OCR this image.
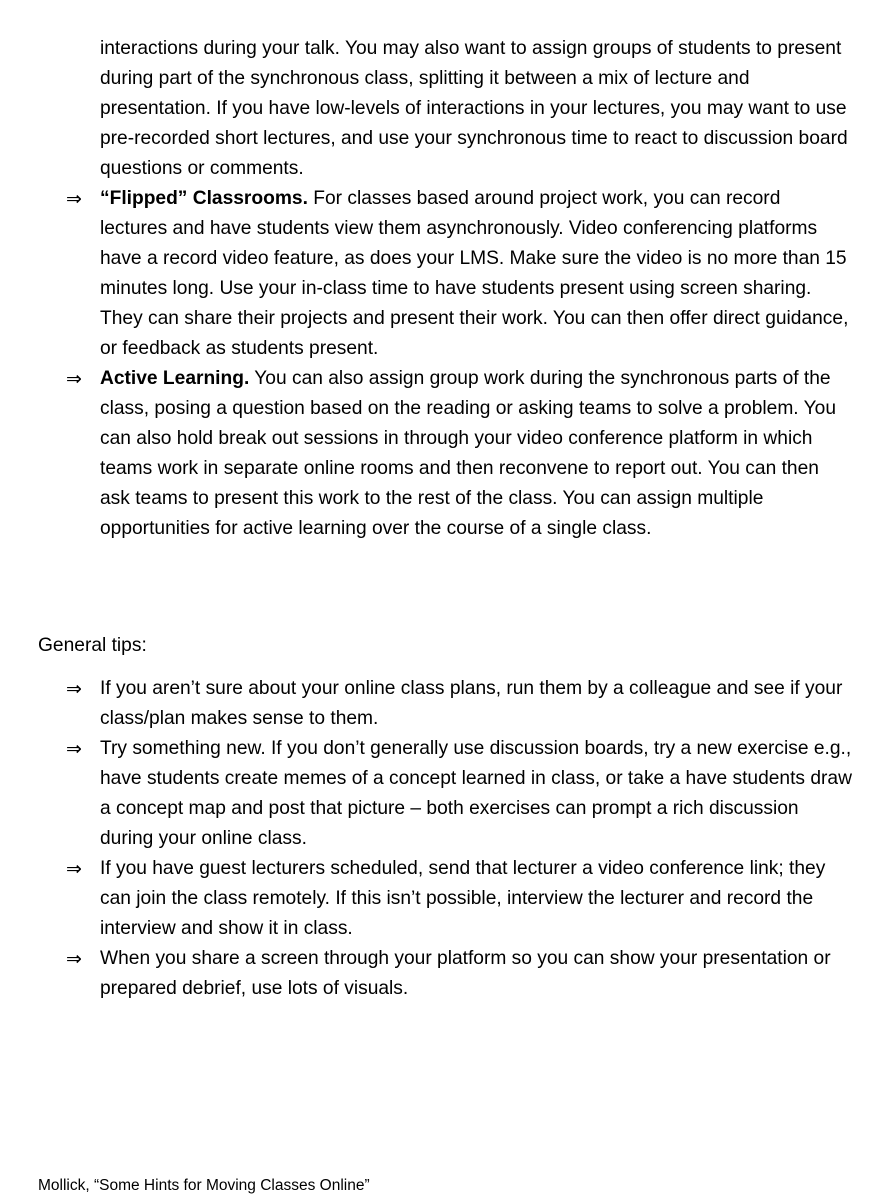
interactions during your talk. You may also want to assign groups of students to present during part of the synchronous class, splitting it between a mix of lecture and presentation. If you have low-levels of interactions in your lectures, you may want to use pre-recorded short lectures, and use your synchronous time to react to discussion board questions or comments.
⇒ “Flipped” Classrooms. For classes based around project work, you can record lectures and have students view them asynchronously. Video conferencing platforms have a record video feature, as does your LMS. Make sure the video is no more than 15 minutes long. Use your in-class time to have students present using screen sharing. They can share their projects and present their work. You can then offer direct guidance, or feedback as students present.
⇒ Active Learning. You can also assign group work during the synchronous parts of the class, posing a question based on the reading or asking teams to solve a problem. You can also hold break out sessions in through your video conference platform in which teams work in separate online rooms and then reconvene to report out. You can then ask teams to present this work to the rest of the class. You can assign multiple opportunities for active learning over the course of a single class.
General tips:
⇒ If you aren’t sure about your online class plans, run them by a colleague and see if your class/plan makes sense to them.
⇒ Try something new. If you don’t generally use discussion boards, try a new exercise e.g., have students create memes of a concept learned in class, or take a have students draw a concept map and post that picture – both exercises can prompt a rich discussion during your online class.
⇒ If you have guest lecturers scheduled, send that lecturer a video conference link; they can join the class remotely. If this isn’t possible, interview the lecturer and record the interview and show it in class.
⇒ When you share a screen through your platform so you can show your presentation or prepared debrief, use lots of visuals.
Mollick, “Some Hints for Moving Classes Online”
